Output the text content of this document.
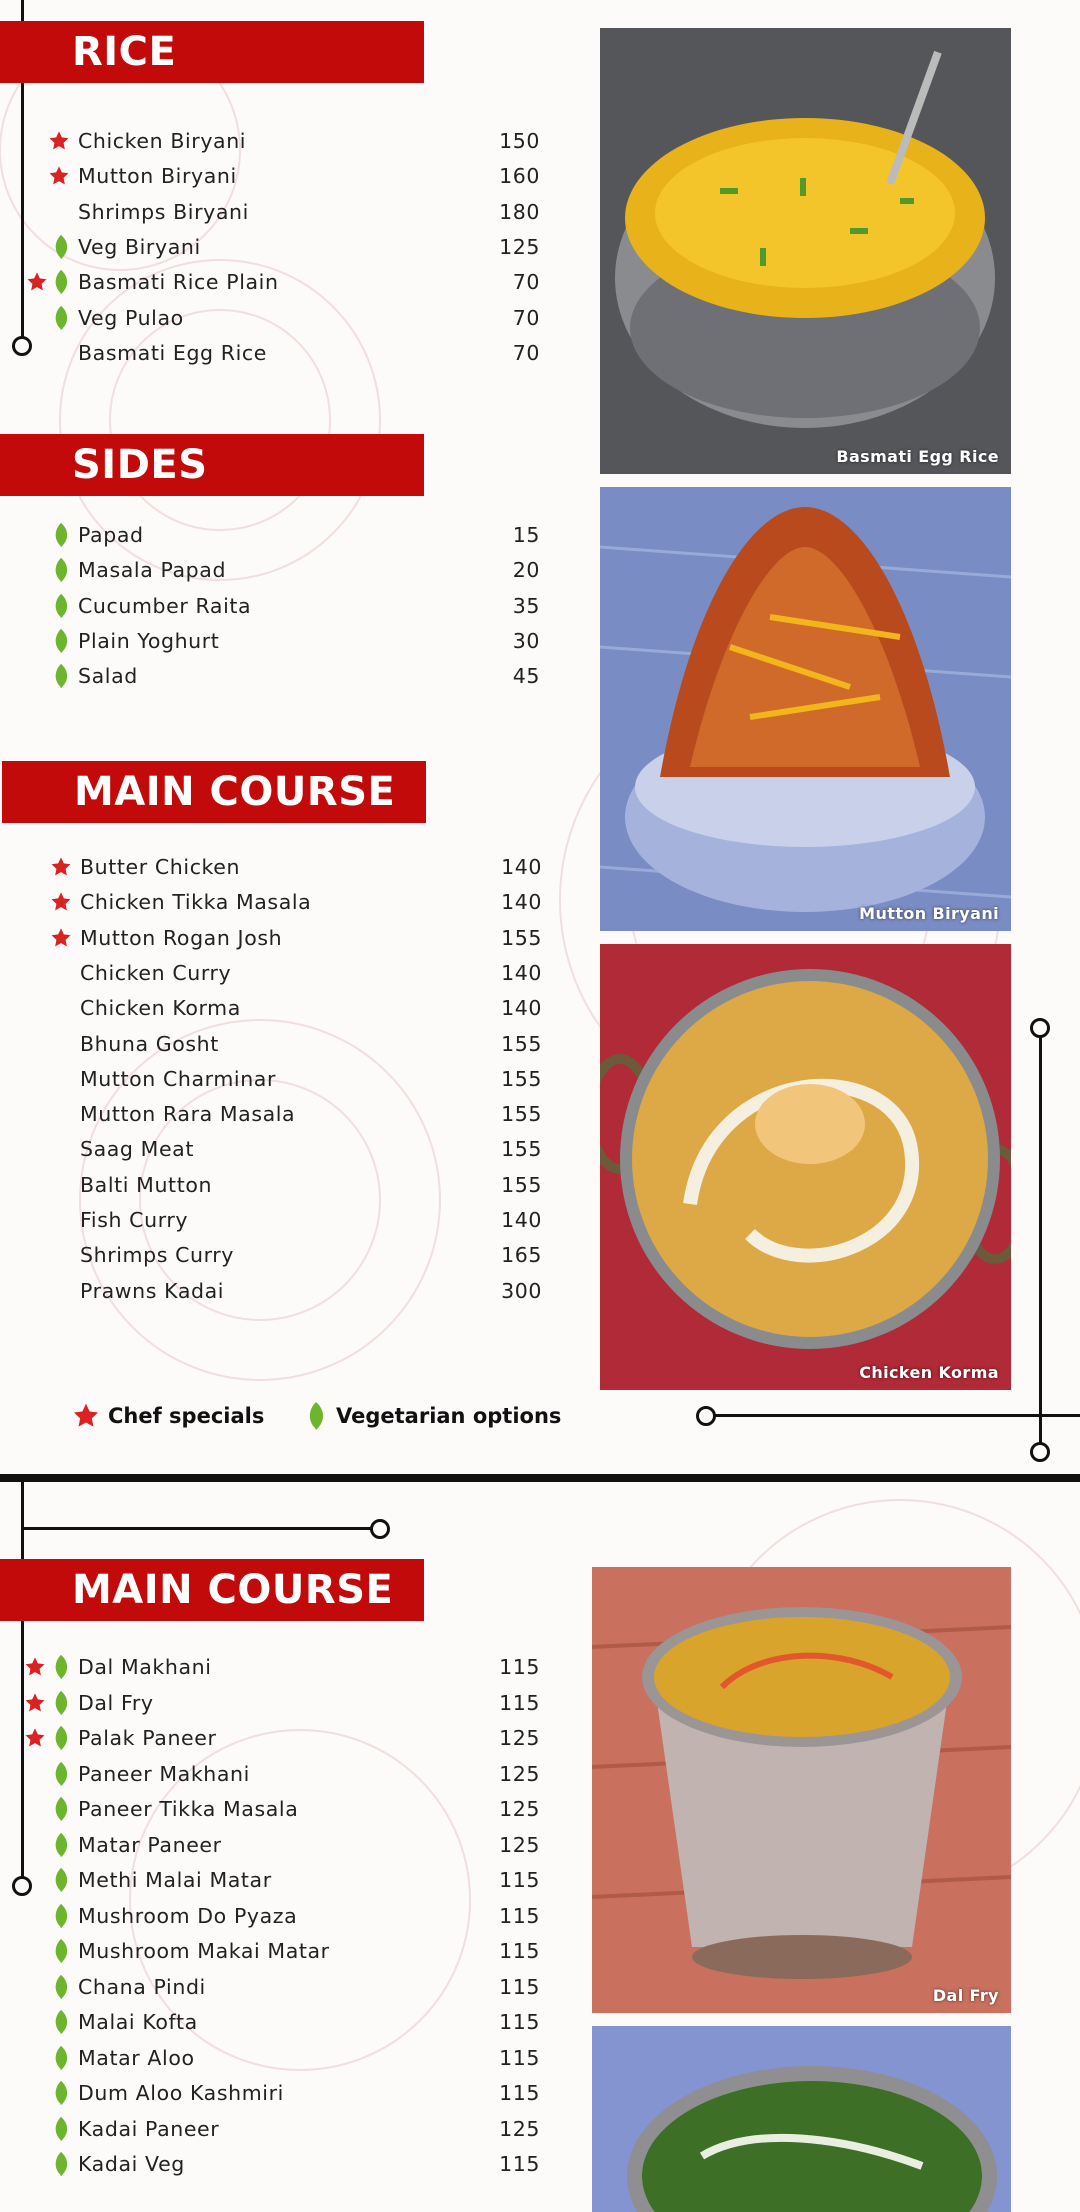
RICE
SIDES
MAIN COURSE
MAIN COURSE
Chicken Biryani	150
Mutton Biryani	160
Shrimps Biryani	180
Veg Biryani	125
Basmati Rice Plain	70
Veg Pulao	70
Basmati Egg Rice	70
Papad	15
Masala Papad	20
Cucumber Raita	35
Plain Yoghurt	30
Salad	45
Butter Chicken	140
Chicken Tikka Masala	140
Mutton Rogan Josh	155
Chicken Curry	140
Chicken Korma	140
Bhuna Gosht	155
Mutton Charminar	155
Mutton Rara Masala	155
Saag Meat	155
Balti Mutton	155
Fish Curry	140
Shrimps Curry	165
Prawns Kadai	300
Dal Makhani	115
Dal Fry	115
Palak Paneer	125
Paneer Makhani	125
Paneer Tikka Masala	125
Matar Paneer	125
Methi Malai Matar	115
Mushroom Do Pyaza	115
Mushroom Makai Matar	115
Chana Pindi	115
Malai Kofta	115
Matar Aloo	115
Dum Aloo Kashmiri	115
Kadai Paneer	125
Kadai Veg	115
Chef specials	Vegetarian options
Basmati Egg Rice
Mutton Biryani
Chicken Korma
Dal Fry
